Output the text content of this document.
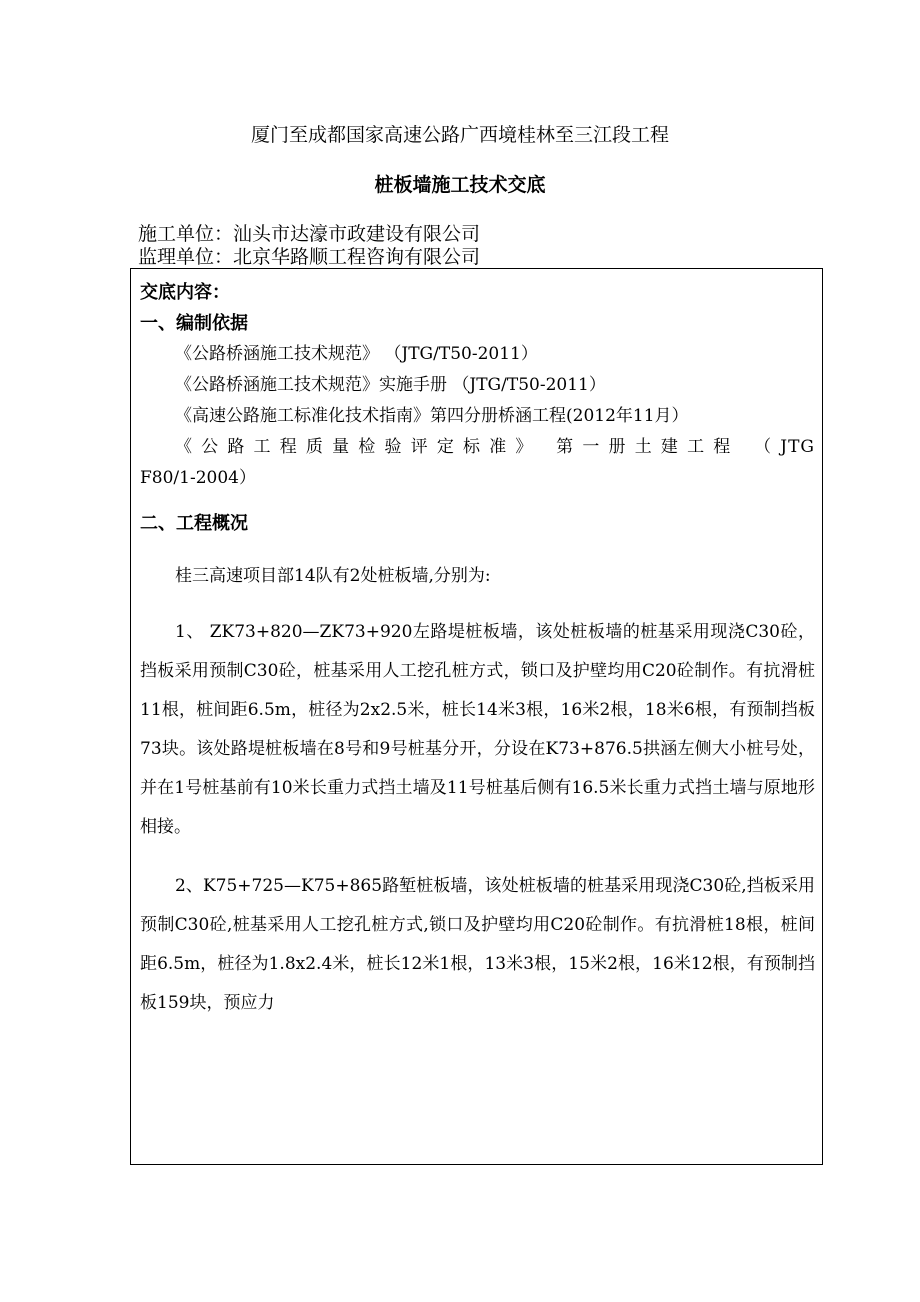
厦门至成都国家高速公路广西境桂林至三江段工程
桩板墙施工技术交底
施工单位：汕头市达濠市政建设有限公司
监理单位：北京华路顺工程咨询有限公司
交底内容：
一、编制依据
《公路桥涵施工技术规范》 （JTG/T50-2011）
《公路桥涵施工技术规范》实施手册 （JTG/T50-2011）
《高速公路施工标准化技术指南》第四分册桥涵工程(2012年11月）

《公路工程质量检验评定标准》 第一册土建工程 （JTG

F80/1-2004）
二、工程概况

桂三高速项目部14队有2处桩板墙,分别为:

1、 ZK73+820—ZK73+920左路堤桩板墙，该处桩板墙的桩基采用现浇C30砼，挡板采用预制C30砼，桩基采用人工挖孔桩方式，锁口及护壁均用C20砼制作。有抗滑桩11根，桩间距6.5m，桩径为2x2.5米，桩长14米3根，16米2根，18米6根，有预制挡板73块。该处路堤桩板墙在8号和9号桩基分开，分设在K73+876.5拱涵左侧大小桩号处，并在1号桩基前有10米长重力式挡土墙及11号桩基后侧有16.5米长重力式挡土墙与原地形相接。

2、K75+725—K75+865路堑桩板墙，该处桩板墙的桩基采用现浇C30砼,挡板采用预制C30砼,桩基采用人工挖孔桩方式,锁口及护壁均用C20砼制作。有抗滑桩18根，桩间距6.5m，桩径为1.8x2.4米，桩长12米1根，13米3根，15米2根，16米12根，有预制挡板159块，预应力
